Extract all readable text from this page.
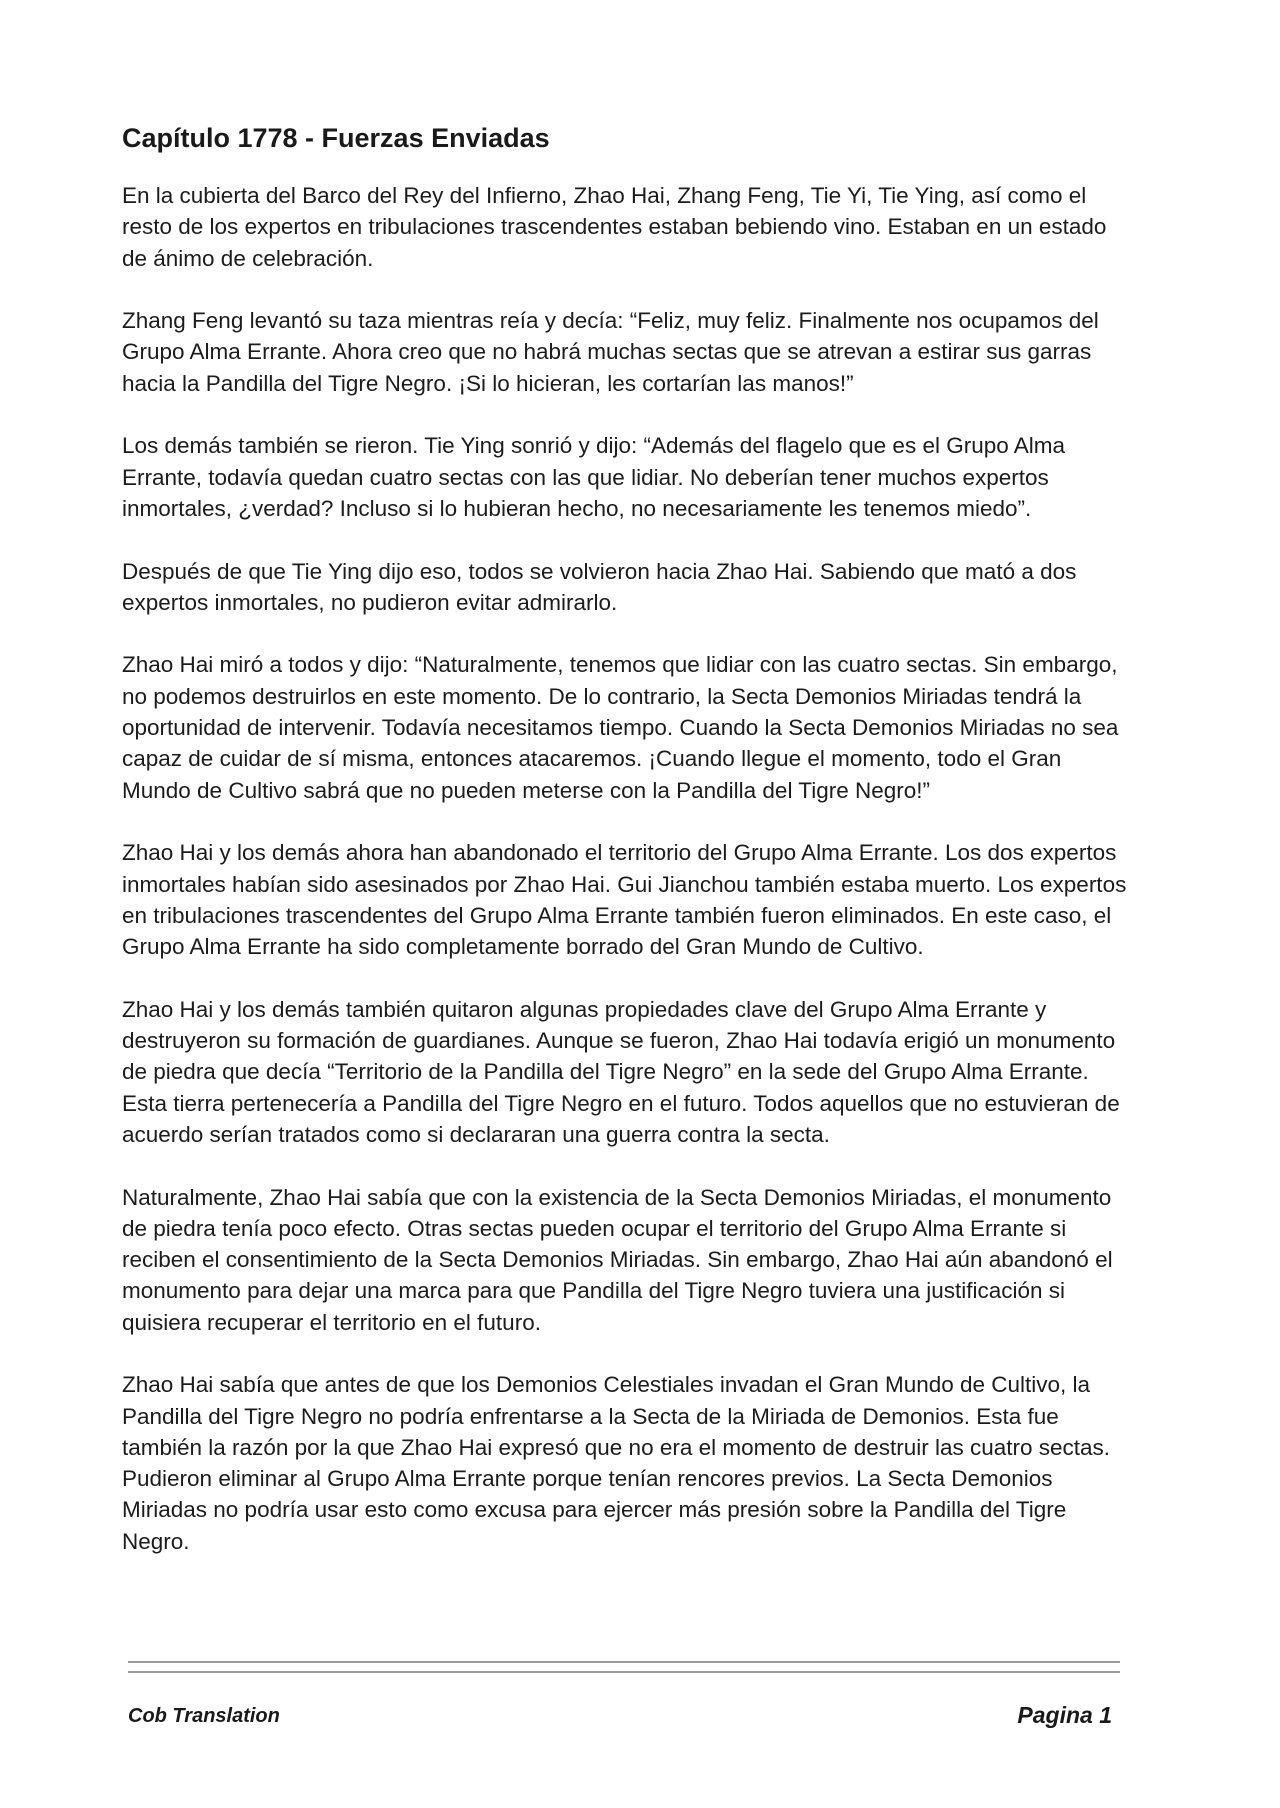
Capítulo 1778 - Fuerzas Enviadas

En la cubierta del Barco del Rey del Infierno, Zhao Hai, Zhang Feng, Tie Yi, Tie Ying, así como el resto de los expertos en tribulaciones trascendentes estaban bebiendo vino. Estaban en un estado de ánimo de celebración.

Zhang Feng levantó su taza mientras reía y decía: “Feliz, muy feliz. Finalmente nos ocupamos del Grupo Alma Errante. Ahora creo que no habrá muchas sectas que se atrevan a estirar sus garras hacia la Pandilla del Tigre Negro. ¡Si lo hicieran, les cortarían las manos!”

Los demás también se rieron. Tie Ying sonrió y dijo: “Además del flagelo que es el Grupo Alma Errante, todavía quedan cuatro sectas con las que lidiar. No deberían tener muchos expertos inmortales, ¿verdad? Incluso si lo hubieran hecho, no necesariamente les tenemos miedo”.

Después de que Tie Ying dijo eso, todos se volvieron hacia Zhao Hai. Sabiendo que mató a dos expertos inmortales, no pudieron evitar admirarlo.

Zhao Hai miró a todos y dijo: “Naturalmente, tenemos que lidiar con las cuatro sectas. Sin embargo, no podemos destruirlos en este momento. De lo contrario, la Secta Demonios Miriadas tendrá la oportunidad de intervenir. Todavía necesitamos tiempo. Cuando la Secta Demonios Miriadas no sea capaz de cuidar de sí misma, entonces atacaremos. ¡Cuando llegue el momento, todo el Gran Mundo de Cultivo sabrá que no pueden meterse con la Pandilla del Tigre Negro!”

Zhao Hai y los demás ahora han abandonado el territorio del Grupo Alma Errante. Los dos expertos inmortales habían sido asesinados por Zhao Hai. Gui Jianchou también estaba muerto. Los expertos en tribulaciones trascendentes del Grupo Alma Errante también fueron eliminados. En este caso, el Grupo Alma Errante ha sido completamente borrado del Gran Mundo de Cultivo.

Zhao Hai y los demás también quitaron algunas propiedades clave del Grupo Alma Errante y destruyeron su formación de guardianes. Aunque se fueron, Zhao Hai todavía erigió un monumento de piedra que decía “Territorio de la Pandilla del Tigre Negro” en la sede del Grupo Alma Errante. Esta tierra pertenecería a Pandilla del Tigre Negro en el futuro. Todos aquellos que no estuvieran de acuerdo serían tratados como si declararan una guerra contra la secta.

Naturalmente, Zhao Hai sabía que con la existencia de la Secta Demonios Miriadas, el monumento de piedra tenía poco efecto. Otras sectas pueden ocupar el territorio del Grupo Alma Errante si reciben el consentimiento de la Secta Demonios Miriadas. Sin embargo, Zhao Hai aún abandonó el monumento para dejar una marca para que Pandilla del Tigre Negro tuviera una justificación si quisiera recuperar el territorio en el futuro.

Zhao Hai sabía que antes de que los Demonios Celestiales invadan el Gran Mundo de Cultivo, la Pandilla del Tigre Negro no podría enfrentarse a la Secta de la Miriada de Demonios. Esta fue también la razón por la que Zhao Hai expresó que no era el momento de destruir las cuatro sectas. Pudieron eliminar al Grupo Alma Errante porque tenían rencores previos. La Secta Demonios Miriadas no podría usar esto como excusa para ejercer más presión sobre la Pandilla del Tigre Negro.

Cob Translation	Pagina 1
